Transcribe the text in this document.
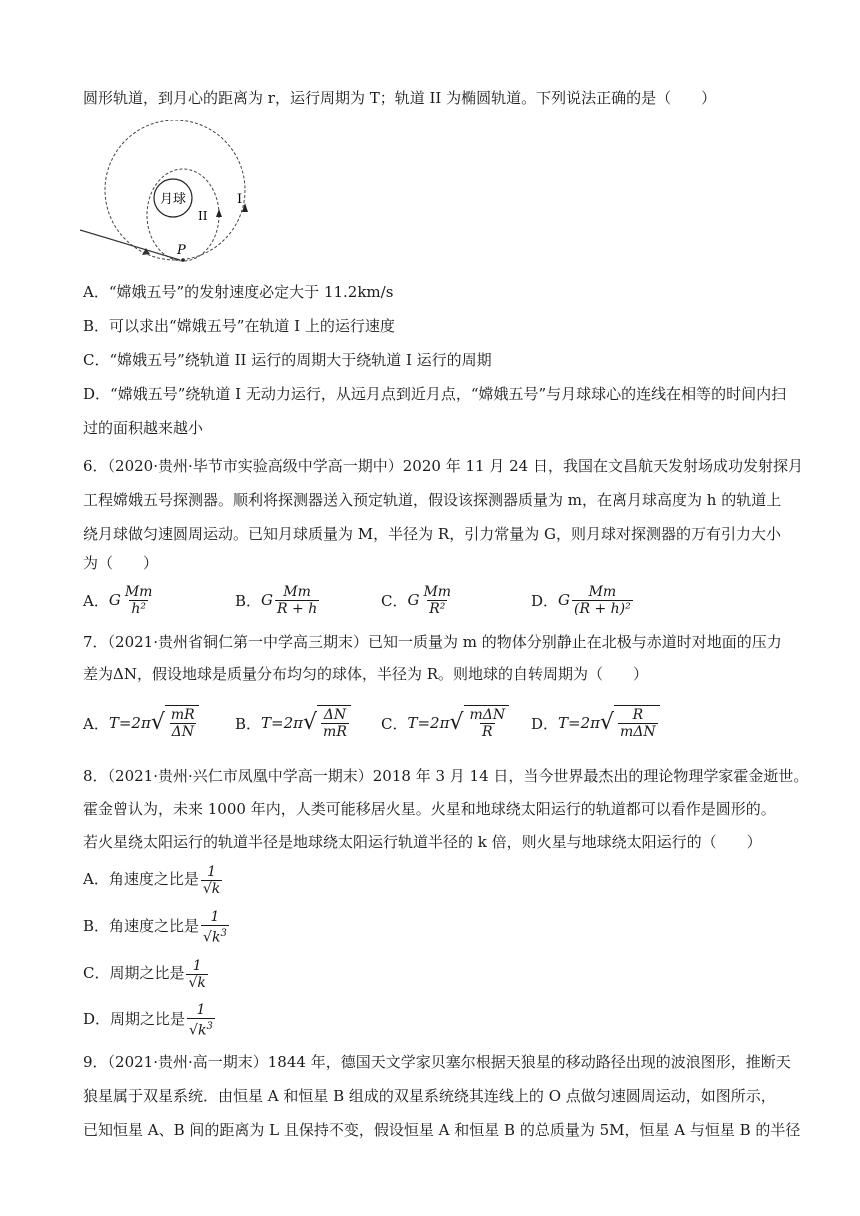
圆形轨道，到月心的距离为 r，运行周期为 T；轨道 II 为椭圆轨道。下列说法正确的是（　　）
月球	I
II
P
A．“嫦娥五号”的发射速度必定大于 11.2km/s
B．可以求出“嫦娥五号”在轨道 I 上的运行速度
C．“嫦娥五号”绕轨道 II 运行的周期大于绕轨道 I 运行的周期
D．“嫦娥五号”绕轨道 I 无动力运行，从远月点到近月点，“嫦娥五号”与月球球心的连线在相等的时间内扫
过的面积越来越小
6．（2020·贵州·毕节市实验高级中学高一期中）2020 年 11 月 24 日，我国在文昌航天发射场成功发射探月
工程嫦娥五号探测器。顺利将探测器送入预定轨道，假设该探测器质量为 m，在离月球高度为 h 的轨道上
绕月球做匀速圆周运动。已知月球质量为 M，半径为 R，引力常量为 G，则月球对探测器的万有引力大小
为（　　）
A． G $\frac{Mm}{\text{h²}}$	B． G $\frac{Mm}{R + h}$	C． G $\frac{Mm}{\text{R²}}$	D． G $\frac{Mm}{\text{(R + h)²}}$
7．（2021·贵州省铜仁第一中学高三期末）已知一质量为 m 的物体分别静止在北极与赤道时对地面的压力
差为ΔN，假设地球是质量分布均匀的球体，半径为 R。则地球的自转周期为（　　）
A． T=2π √ $\frac{mR}{\Delta N}$	B． T=2π √ $\frac{\Delta N}{mR}$ C． T=2π √ $\frac{\text{mΔN}}{R}$ D． T=2π √ $\frac{R}{\text{mΔN}}$
8．（2021·贵州·兴仁市凤凰中学高一期末）2018 年 3 月 14 日，当今世界最杰出的理论物理学家霍金逝世。
霍金曾认为，未来 1000 年内，人类可能移居火星。火星和地球绕太阳运行的轨道都可以看作是圆形的。
若火星绕太阳运行的轨道半径是地球绕太阳运行轨道半径的 k 倍，则火星与地球绕太阳运行的（　　）
A．角速度之比是 $\frac{1}{√k}$
B．角速度之比是 $\frac{1}{√k^3}$
C．周期之比是 $\frac{1}{√k}$
D．周期之比是 $\frac{1}{√k^3}$
9．（2021·贵州·高一期末）1844 年，德国天文学家贝塞尔根据天狼星的移动路径出现的波浪图形，推断天
狼星属于双星系统．由恒星 A 和恒星 B 组成的双星系统绕其连线上的 O 点做匀速圆周运动，如图所示，
已知恒星 A、B 间的距离为 L 且保持不变，假设恒星 A 和恒星 B 的总质量为 5M，恒星 A 与恒星 B 的半径
